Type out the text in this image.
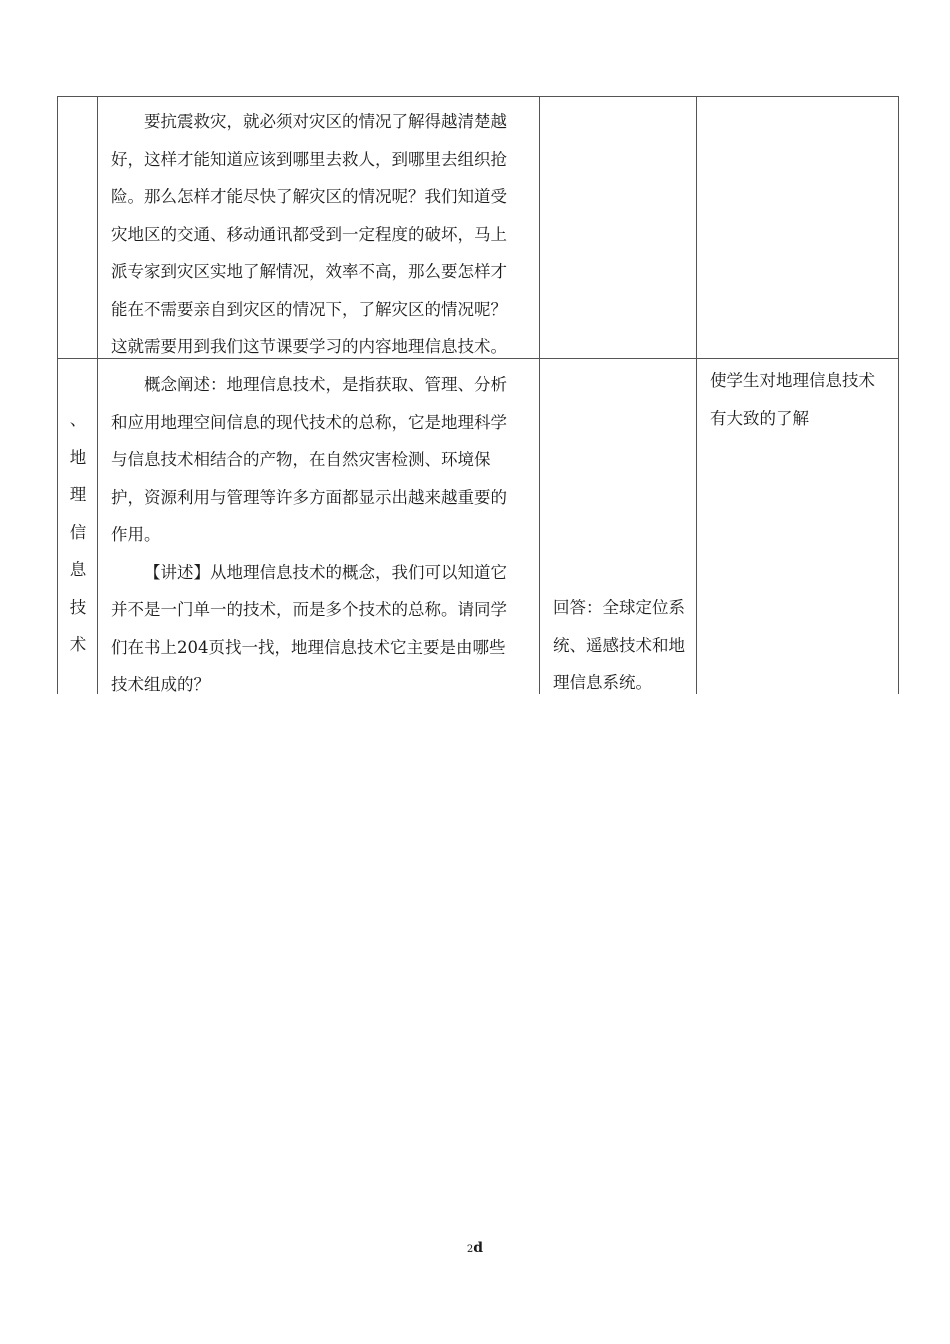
要抗震救灾，就必须对灾区的情况了解得越清楚越
好，这样才能知道应该到哪里去救人，到哪里去组织抢
险。那么怎样才能尽快了解灾区的情况呢？我们知道受
灾地区的交通、移动通讯都受到一定程度的破坏，马上
派专家到灾区实地了解情况，效率不高，那么要怎样才
能在不需要亲自到灾区的情况下，了解灾区的情况呢？
这就需要用到我们这节课要学习的内容地理信息技术。
、
地
理
信
息
技
术
概念阐述：地理信息技术，是指获取、管理、分析
和应用地理空间信息的现代技术的总称，它是地理科学
与信息技术相结合的产物，在自然灾害检测、环境保
护，资源利用与管理等许多方面都显示出越来越重要的
作用。
【讲述】从地理信息技术的概念，我们可以知道它
并不是一门单一的技术，而是多个技术的总称。请同学
们在书上204页找一找，地理信息技术它主要是由哪些
技术组成的？
回答：全球定位系
统、遥感技术和地
理信息系统。
使学生对地理信息技术
有大致的了解
2d
